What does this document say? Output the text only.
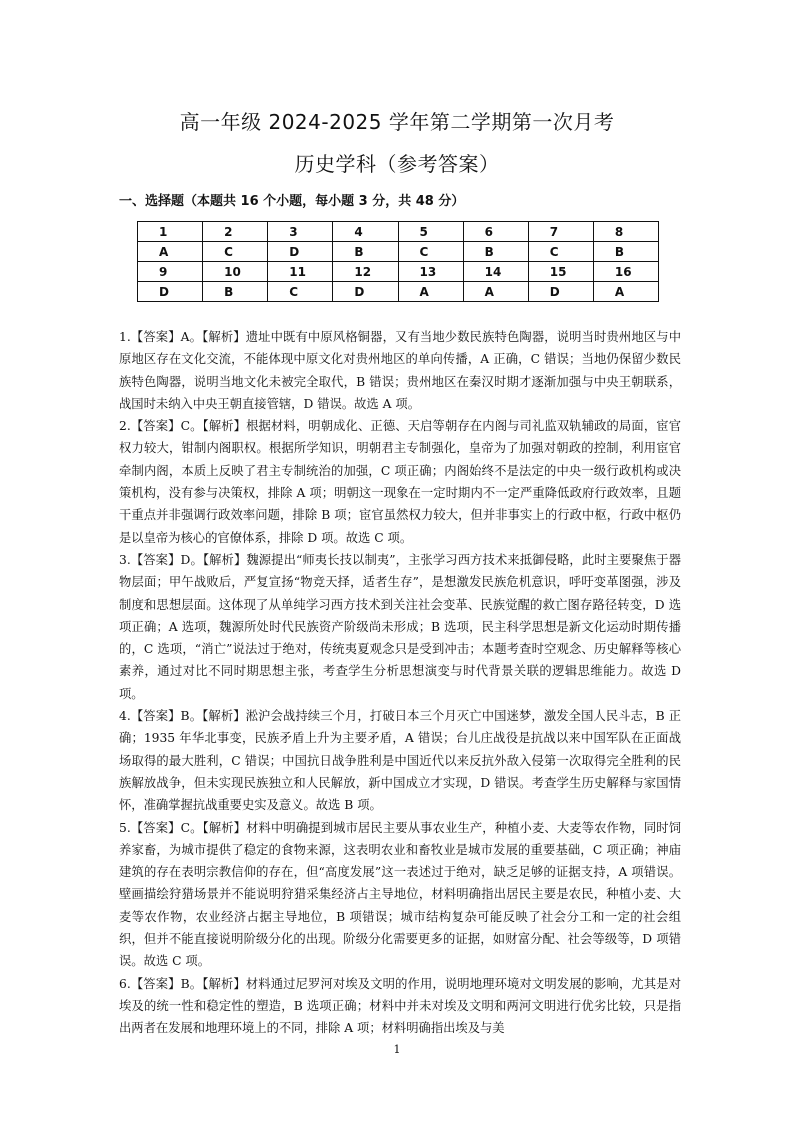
高一年级 2024-2025 学年第二学期第一次月考
历史学科（参考答案）
一、选择题（本题共 16 个小题，每小题 3 分，共 48 分）
1	2	3	4	5	6	7	8
A	C	D	B	C	B	C	B
9	10	11	12	13	14	15	16
D	B	C	D	A	A	D	A

1.【答案】A。【解析】遗址中既有中原风格铜器，又有当地少数民族特色陶器，说明当时贵州地区与中原地区存在文化交流，不能体现中原文化对贵州地区的单向传播，A 正确，C 错误；当地仍保留少数民族特色陶器，说明当地文化未被完全取代，B 错误；贵州地区在秦汉时期才逐渐加强与中央王朝联系，战国时未纳入中央王朝直接管辖，D 错误。故选 A 项。

2.【答案】C。【解析】根据材料，明朝成化、正德、天启等朝存在内阁与司礼监双轨辅政的局面，宦官权力较大，钳制内阁职权。根据所学知识，明朝君主专制强化，皇帝为了加强对朝政的控制，利用宦官牵制内阁，本质上反映了君主专制统治的加强，C 项正确；内阁始终不是法定的中央一级行政机构或决策机构，没有参与决策权，排除 A 项；明朝这一现象在一定时期内不一定严重降低政府行政效率，且题干重点并非强调行政效率问题，排除 B 项；宦官虽然权力较大，但并非事实上的行政中枢，行政中枢仍是以皇帝为核心的官僚体系，排除 D 项。故选 C 项。

3.【答案】D。【解析】魏源提出“师夷长技以制夷”，主张学习西方技术来抵御侵略，此时主要聚焦于器物层面；甲午战败后，严复宣扬“物竞天择，适者生存”，是想激发民族危机意识，呼吁变革图强，涉及制度和思想层面。这体现了从单纯学习西方技术到关注社会变革、民族觉醒的救亡图存路径转变，D 选项正确；A 选项，魏源所处时代民族资产阶级尚未形成；B 选项，民主科学思想是新文化运动时期传播的，C 选项，“消亡”说法过于绝对，传统夷夏观念只是受到冲击；本题考查时空观念、历史解释等核心素养，通过对比不同时期思想主张，考查学生分析思想演变与时代背景关联的逻辑思维能力。故选 D 项。

4.【答案】B。【解析】淞沪会战持续三个月，打破日本三个月灭亡中国迷梦，激发全国人民斗志，B 正确；1935 年华北事变，民族矛盾上升为主要矛盾，A 错误；台儿庄战役是抗战以来中国军队在正面战场取得的最大胜利，C 错误；中国抗日战争胜利是中国近代以来反抗外敌入侵第一次取得完全胜利的民族解放战争，但未实现民族独立和人民解放，新中国成立才实现，D 错误。考查学生历史解释与家国情怀，准确掌握抗战重要史实及意义。故选 B 项。

5.【答案】C。【解析】材料中明确提到城市居民主要从事农业生产，种植小麦、大麦等农作物，同时饲养家畜，为城市提供了稳定的食物来源，这表明农业和畜牧业是城市发展的重要基础，C 项正确；神庙建筑的存在表明宗教信仰的存在，但“高度发展”这一表述过于绝对，缺乏足够的证据支持，A 项错误。壁画描绘狩猎场景并不能说明狩猎采集经济占主导地位，材料明确指出居民主要是农民，种植小麦、大麦等农作物，农业经济占据主导地位，B 项错误；城市结构复杂可能反映了社会分工和一定的社会组织，但并不能直接说明阶级分化的出现。阶级分化需要更多的证据，如财富分配、社会等级等，D 项错误。故选 C 项。

6.【答案】B。【解析】材料通过尼罗河对埃及文明的作用，说明地理环境对文明发展的影响，尤其是对埃及的统一性和稳定性的塑造，B 选项正确；材料中并未对埃及文明和两河文明进行优劣比较，只是指出两者在发展和地理环境上的不同，排除 A 项；材料明确指出埃及与美

1
